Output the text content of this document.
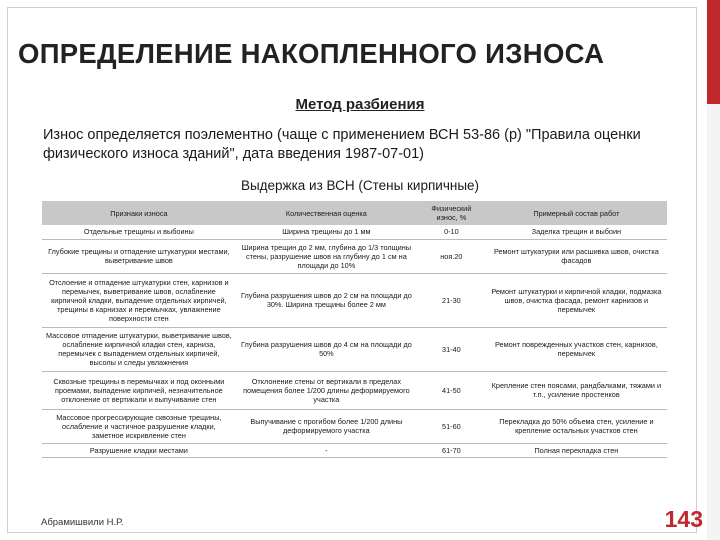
ОПРЕДЕЛЕНИЕ НАКОПЛЕННОГО ИЗНОСА
Метод разбиения
Износ определяется поэлементно (чаще с применением ВСН 53-86 (р) "Правила оценки физического износа зданий", дата введения 1987-07-01)
Выдержка из ВСН (Стены кирпичные)
Признаки износа	Количественная оценка	Физический износ, %	Примерный состав работ
Отдельные трещины и выбоины	Ширина трещины до 1 мм	0-10	Заделка трещин и выбоин
Глубокие трещины и отпадение штукатурки местами, выветривание швов	Ширина трещин до 2 мм, глубина до 1/3 толщины стены, разрушение швов на глубину до 1 см на площади до 10%	ноя.20	Ремонт штукатурки или расшивка швов, очистка фасадов
Отслоение и отпадение штукатурки стен, карнизов и перемычек, выветривание швов, ослабление кирпичной кладки, выпадение отдельных кирпичей, трещины в карнизах и перемычках, увлажнение поверхности стен	Глубина разрушения швов до 2 см на площади до 30%. Ширина трещины более 2 мм	21-30	Ремонт штукатурки и кирпичной кладки, подмазка швов, очистка фасада, ремонт карнизов и перемычек
Массовое отпадение штукатурки, выветривание швов, ослабление кирпичной кладки стен, карниза, перемычек с выпадением отдельных кирпичей, высолы и следы увлажнения	Глубина разрушения швов до 4 см на площади до 50%	31-40	Ремонт поврежденных участков стен, карнизов, перемычек
Сквозные трещины в перемычках и под оконными проемами, выпадение кирпичей, незначительное отклонение от вертикали и выпучивание стен	Отклонение стены от вертикали в пределах помещения более 1/200 длины деформируемого участка	41-50	Крепление стен поясами, рандбалками, тяжами и т.п., усиление простенков
Массовое прогрессирующие сквозные трещины, ослабление и частичное разрушение кладки, заметное искривление стен	Выпучивание с прогибом более 1/200 длины деформируемого участка	51-60	Перекладка до 50% объема стен, усиление и крепление остальных участков стен
Разрушение кладки местами	-	61-70	Полная перекладка стен
Абрамишвили Н.Р.	143
